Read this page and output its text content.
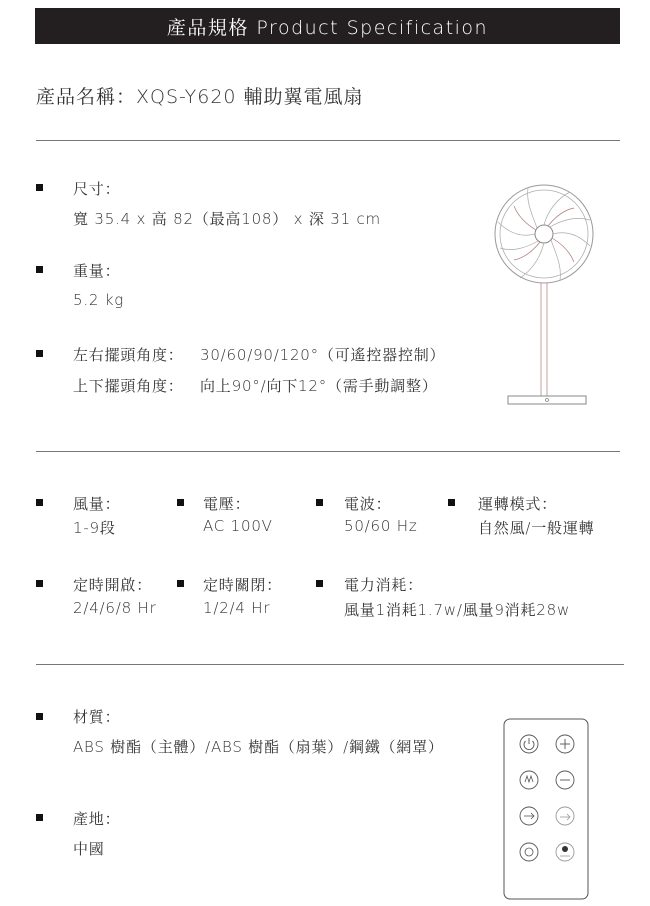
產品規格 Product Specification
產品名稱：XQS-Y620 輔助翼電風扇
尺寸：
寬 35.4 x 高 82（最高108） x 深 31 cm
重量：
5.2 kg
左右擺頭角度： 30/60/90/120°（可遙控器控制）
上下擺頭角度： 向上90°/向下12°（需手動調整）
風量：
1-9段
電壓：
AC 100V
電波：
50/60 Hz
運轉模式：
自然風/一般運轉
定時開啟：
2/4/6/8 Hr
定時關閉：
1/2/4 Hr
電力消耗：
風量1消耗1.7w/風量9消耗28w
材質：
ABS 樹酯（主體）/ABS 樹酯（扇葉）/鋼鐵（網罩）
產地：
中國
